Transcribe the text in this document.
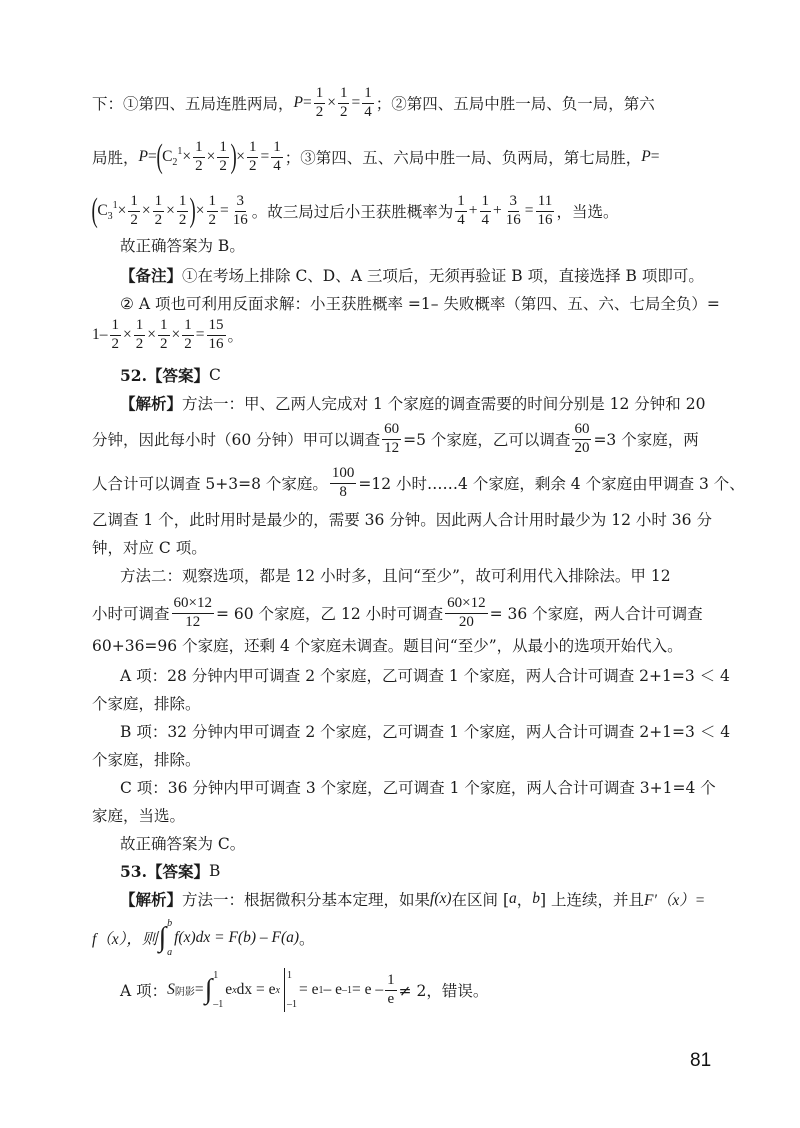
下：①第四、五局连胜两局， $P = \frac{1}{2} \times \frac{1}{2} = \frac{1}{4}$ ；②第四、五局中胜一局、负一局，第六
局胜， P = ( $C_2^1 \times \frac{1}{2} \times \frac{1}{2}$ ) × $\frac{1}{2} = \frac{1}{4}$ ；③第四、五、六局中胜一局、负两局，第七局胜， P =
( $C_3^1 \times \frac{1}{2} \times \frac{1}{2} \times \frac{1}{2}$ ) × $\frac{1}{2} = \frac{3}{16}$ 。故三局过后小王获胜概率为 $\frac{1}{4} + \frac{1}{4} + \frac{3}{16} = \frac{11}{16}$ ，当选。
故正确答案为 B。
【备注】 ①在考场上排除 C、D、A 三项后，无须再验证 B 项，直接选择 B 项即可。
② A 项也可利用反面求解：小王获胜概率 =1– 失败概率（第四、五、六、七局全负）=
$1- \frac{1}{2} \times \frac{1}{2} \times \frac{1}{2} \times \frac{1}{2} = \frac{15}{16}$ 。
52.【答案】 C
【解析】 方法一：甲、乙两人完成对 1 个家庭的调查需要的时间分别是 12 分钟和 20
分钟，因此每小时（60 分钟）甲可以调查 $\frac{60}{12} =5$ 个家庭，乙可以调查 $\frac{60}{20} =3$ 个家庭，两
人合计可以调查 5+3=8 个家庭。 $\frac{100}{8} =12$ 小时……4 个家庭，剩余 4 个家庭由甲调查 3 个、
乙调查 1 个，此时用时是最少的，需要 36 分钟。因此两人合计用时最少为 12 小时 36 分
钟，对应 C 项。
方法二：观察选项，都是 12 小时多，且问“至少”，故可利用代入排除法。甲 12
小时可调查 $\frac{60\times 12}{12} = 60$ 个家庭，乙 12 小时可调查 $\frac{60\times 12}{20} = 36$ 个家庭，两人合计可调查
60+36=96 个家庭，还剩 4 个家庭未调查。题目问“至少”，从最小的选项开始代入。
A 项：28 分钟内甲可调查 2 个家庭，乙可调查 1 个家庭，两人合计可调查 2+1=3 ＜ 4
个家庭，排除。
B 项：32 分钟内甲可调查 2 个家庭，乙可调查 1 个家庭，两人合计可调查 2+1=3 ＜ 4
个家庭，排除。
C 项：36 分钟内甲可调查 3 个家庭，乙可调查 1 个家庭，两人合计可调查 3+1=4 个
家庭，当选。
故正确答案为 C。
53.【答案】 B
【解析】 方法一：根据微积分基本定理，如果 f(x) 在区间 [ a ， b ] 上连续，并且 F′（x）=
f（x），则 ∫ b
a
f(x)dx = F(b) – F(a) 。
A 项： S 阴影 = ∫ 1
–1
e x dx = e x
1
–1
= e 1 – e $-1 = e - \frac{1}{e} \ne 2$，错误。
81
